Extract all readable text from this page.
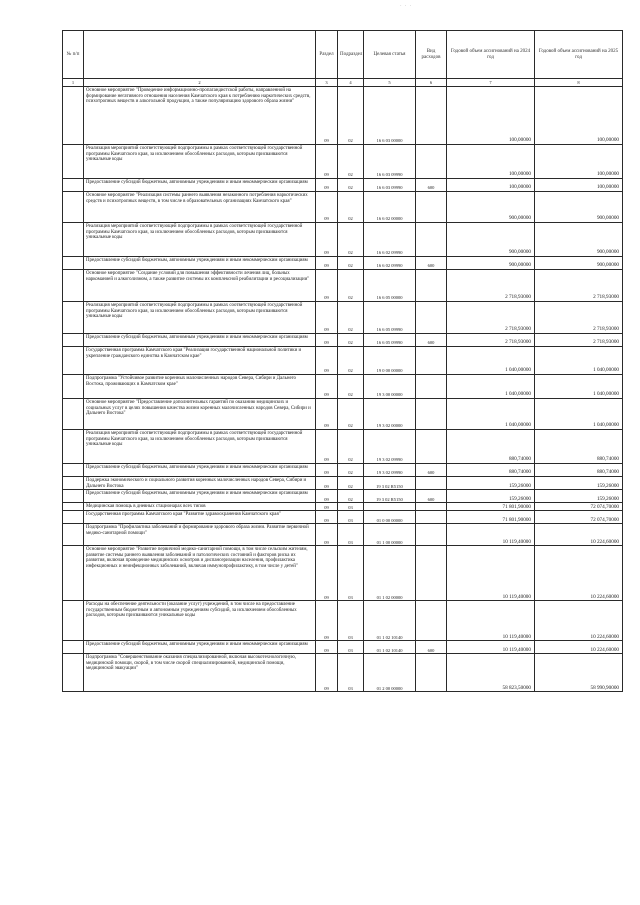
· · ·
№ п/п		Раздел	Подраздел	Целевая статья	Вид расходов	Годовой объем ассигнований на 2024 год	Годовой объем ассигнований на 2025 год
1	2	3	4	5	6	7	8
	Основное мероприятие "Проведение информационно-пропагандистской работы, направленной на формирование негативного отношения населения Камчатского края к потреблению наркотических средств, психотропных веществ и алкогольной продукции, а также популяризацию здорового образа жизни"	09	02	16 6 03 00000		100,00000	100,00000
	Реализация мероприятий соответствующей подпрограммы в рамках соответствующей государственной программы Камчатского края, за исключением обособленных расходов, которым присваиваются уникальные коды	09	02	16 6 03 09990		100,00000	100,00000
	Предоставление субсидий бюджетным, автономным учреждениям и иным некоммерческим организациям	09	02	16 6 03 09990	600	100,00000	100,00000
	Основное мероприятие "Реализация системы раннего выявления незаконного потребления наркотических средств и психотропных веществ, в том числе в образовательных организациях Камчатского края"	09	02	16 6 02 00000		900,00000	900,00000
	Реализация мероприятий соответствующей подпрограммы в рамках соответствующей государственной программы Камчатского края, за исключением обособленных расходов, которым присваиваются уникальные коды	09	02	16 6 02 09990		900,00000	900,00000
	Предоставление субсидий бюджетным, автономным учреждениям и иным некоммерческим организациям	09	02	16 6 02 09990	600	900,00000	900,00000
	Основное мероприятие "Создание условий для повышения эффективности лечения лиц, больных наркоманией и алкоголизмом, а также развитие системы их комплексной реабилитации и ресоциализации"	09	02	16 6 05 00000		2 718,93000	2 718,93000
	Реализация мероприятий соответствующей подпрограммы в рамках соответствующей государственной программы Камчатского края, за исключением обособленных расходов, которым присваиваются уникальные коды	09	02	16 6 05 09990		2 718,93000	2 718,93000
	Предоставление субсидий бюджетным, автономным учреждениям и иным некоммерческим организациям	09	02	16 6 05 09990	600	2 718,93000	2 718,93000
	Государственная программа Камчатского края "Реализация государственной национальной политики и укрепление гражданского единства в Камчатском крае"	09	02	19 0 00 00000		1 040,00000	1 040,00000
	Подпрограмма "Устойчивое развитие коренных малочисленных народов Севера, Сибири и Дальнего Востока, проживающих в Камчатском крае"	09	02	19 3 00 00000		1 040,00000	1 040,00000
	Основное мероприятие "Предоставление дополнительных гарантий по оказанию медицинских и социальных услуг в целях повышения качества жизни коренных малочисленных народов Севера, Сибири и Дальнего Востока"	09	02	19 3 02 00000		1 040,00000	1 040,00000
	Реализация мероприятий соответствующей подпрограммы в рамках соответствующей государственной программы Камчатского края, за исключением обособленных расходов, которым присваиваются уникальные коды	09	02	19 3 02 09990		880,74000	880,74000
	Предоставление субсидий бюджетным, автономным учреждениям и иным некоммерческим организациям	09	02	19 3 02 09990	600	880,74000	880,74000
	Поддержка экономического и социального развития коренных малочисленных народов Севера, Сибири и Дальнего Востока	09	02	19 3 02 R5150		159,26000	159,26000
	Предоставление субсидий бюджетным, автономным учреждениям и иным некоммерческим организациям	09	02	19 3 02 R5150	600	159,26000	159,26000
	Медицинская помощь в дневных стационарах всех типов	09	03			71 801,90000	72 074,70000
	Государственная программа Камчатского края "Развитие здравоохранения Камчатского края"	09	03	01 0 00 00000		71 801,90000	72 074,70000
	Подпрограмма "Профилактика заболеваний и формирование здорового образа жизни. Развитие первичной медико-санитарной помощи"	09	03	01 1 00 00000		10 119,40000	10 224,60000
	Основное мероприятие "Развитие первичной медико-санитарной помощи, в том числе сельским жителям, развитие системы раннего выявления заболеваний и патологических состояний и факторов риска их развития, включая проведение медицинских осмотров и диспансеризации населения, профилактика инфекционных и неинфекционных заболеваний, включая иммунопрофилактику, в том числе у детей"	09	03	01 1 02 00000		10 119,40000	10 224,60000
	Расходы на обеспечение деятельности (оказание услуг) учреждений, в том числе на предоставление государственным бюджетным и автономным учреждениям субсидий, за исключением обособленных расходов, которым присваиваются уникальные коды	09	03	01 1 02 10140		10 119,40000	10 224,60000
	Предоставление субсидий бюджетным, автономным учреждениям и иным некоммерческим организациям	09	03	01 1 02 10140	600	10 119,40000	10 224,60000
	Подпрограмма "Совершенствование оказания специализированной, включая высокотехнологичную, медицинской помощи, скорой, в том числе скорой специализированной, медицинской помощи, медицинской эвакуации"	09	03	01 2 00 00000		58 823,50000	58 990,90000
